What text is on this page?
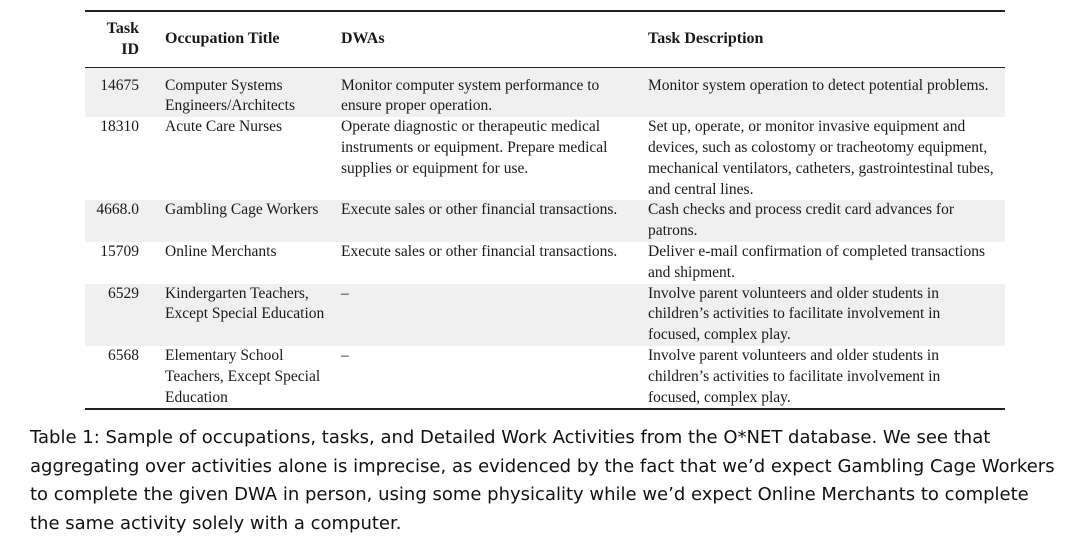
Task ID	Occupation Title	DWAs	Task Description
14675	Computer Systems Engineers/Architects	Monitor computer system performance to ensure proper operation.	Monitor system operation to detect potential problems.
18310	Acute Care Nurses	Operate diagnostic or therapeutic medical instruments or equipment. Prepare medical supplies or equipment for use.	Set up, operate, or monitor invasive equipment and devices, such as colostomy or tracheotomy equipment, mechanical ventilators, catheters, gastrointestinal tubes, and central lines.
4668.0	Gambling Cage Workers	Execute sales or other financial transactions.	Cash checks and process credit card advances for patrons.
15709	Online Merchants	Execute sales or other financial transactions.	Deliver e-mail confirmation of completed transactions and shipment.
6529	Kindergarten Teachers, Except Special Education	–	Involve parent volunteers and older students in children’s activities to facilitate involvement in focused, complex play.
6568	Elementary School Teachers, Except Special Education	–	Involve parent volunteers and older students in children’s activities to facilitate involvement in focused, complex play.
Table 1: Sample of occupations, tasks, and Detailed Work Activities from the O*NET database. We see that aggregating over activities alone is imprecise, as evidenced by the fact that we’d expect Gambling Cage Workers to complete the given DWA in person, using some physicality while we’d expect Online Merchants to complete the same activity solely with a computer.
